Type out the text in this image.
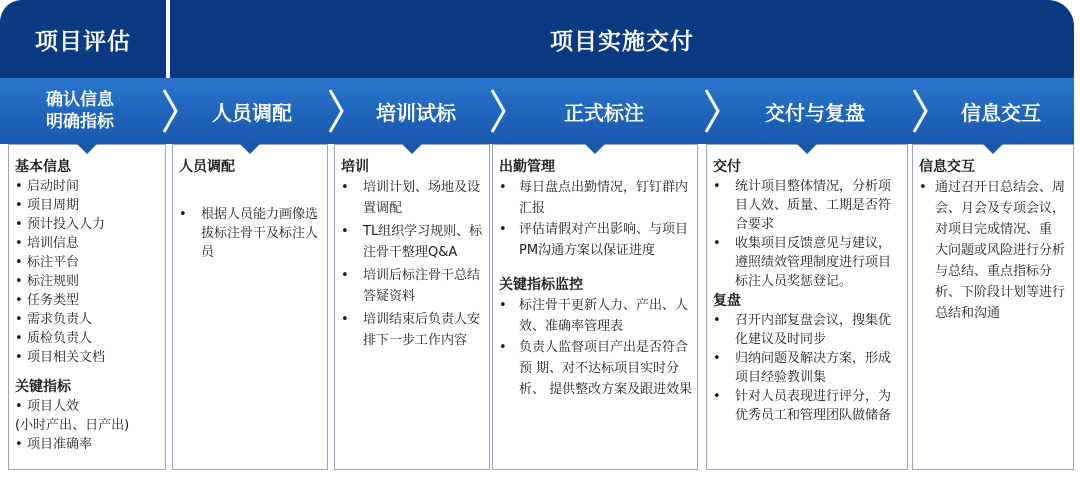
项目评估	项目实施交付
确认信息
明确指标	人员调配	培训试标	正式标注	交付与复盘	信息交互
基本信息
• 启动时间
• 项目周期
• 预计投入人力
• 培训信息
• 标注平台
• 标注规则
• 任务类型
• 需求负责人
• 质检负责人
• 项目相关文档
关键指标
• 项目人效
(小时产出、日产出)
• 项目准确率
人员调配
• 根据人员能力画像选拔标注骨干及标注人员
培训
• 培训计划、场地及设置调配
• TL组织学习规则、标注骨干整理Q&A
• 培训后标注骨干总结答疑资料
• 培训结束后负责人安排下一步工作内容
出勤管理
• 每日盘点出勤情况，钉钉群内汇报
• 评估请假对产出影响、与项目PM沟通方案以保证进度
关键指标监控
• 标注骨干更新人力、产出、人效、准确率管理表
• 负责人监督项目产出是否符合预 期、对不达标项目实时分析、 提供整改方案及跟进效果
交付
• 统计项目整体情况，分析项目人效、质量、工期是否符合要求
• 收集项目反馈意见与建议，遵照绩效管理制度进行项目 标注人员奖惩登记。
复盘
• 召开内部复盘会议，搜集优化建议及时同步
• 归纳问题及解决方案，形成项目经验教训集
• 针对人员表现进行评分，为优秀员工和管理团队做储备
信息交互
• 通过召开日总结会、周会、月会及专项会议，对项目完成情况、重 大问题或风险进行分析与总结、重点指标分析、下阶段计划等进行总结和沟通
